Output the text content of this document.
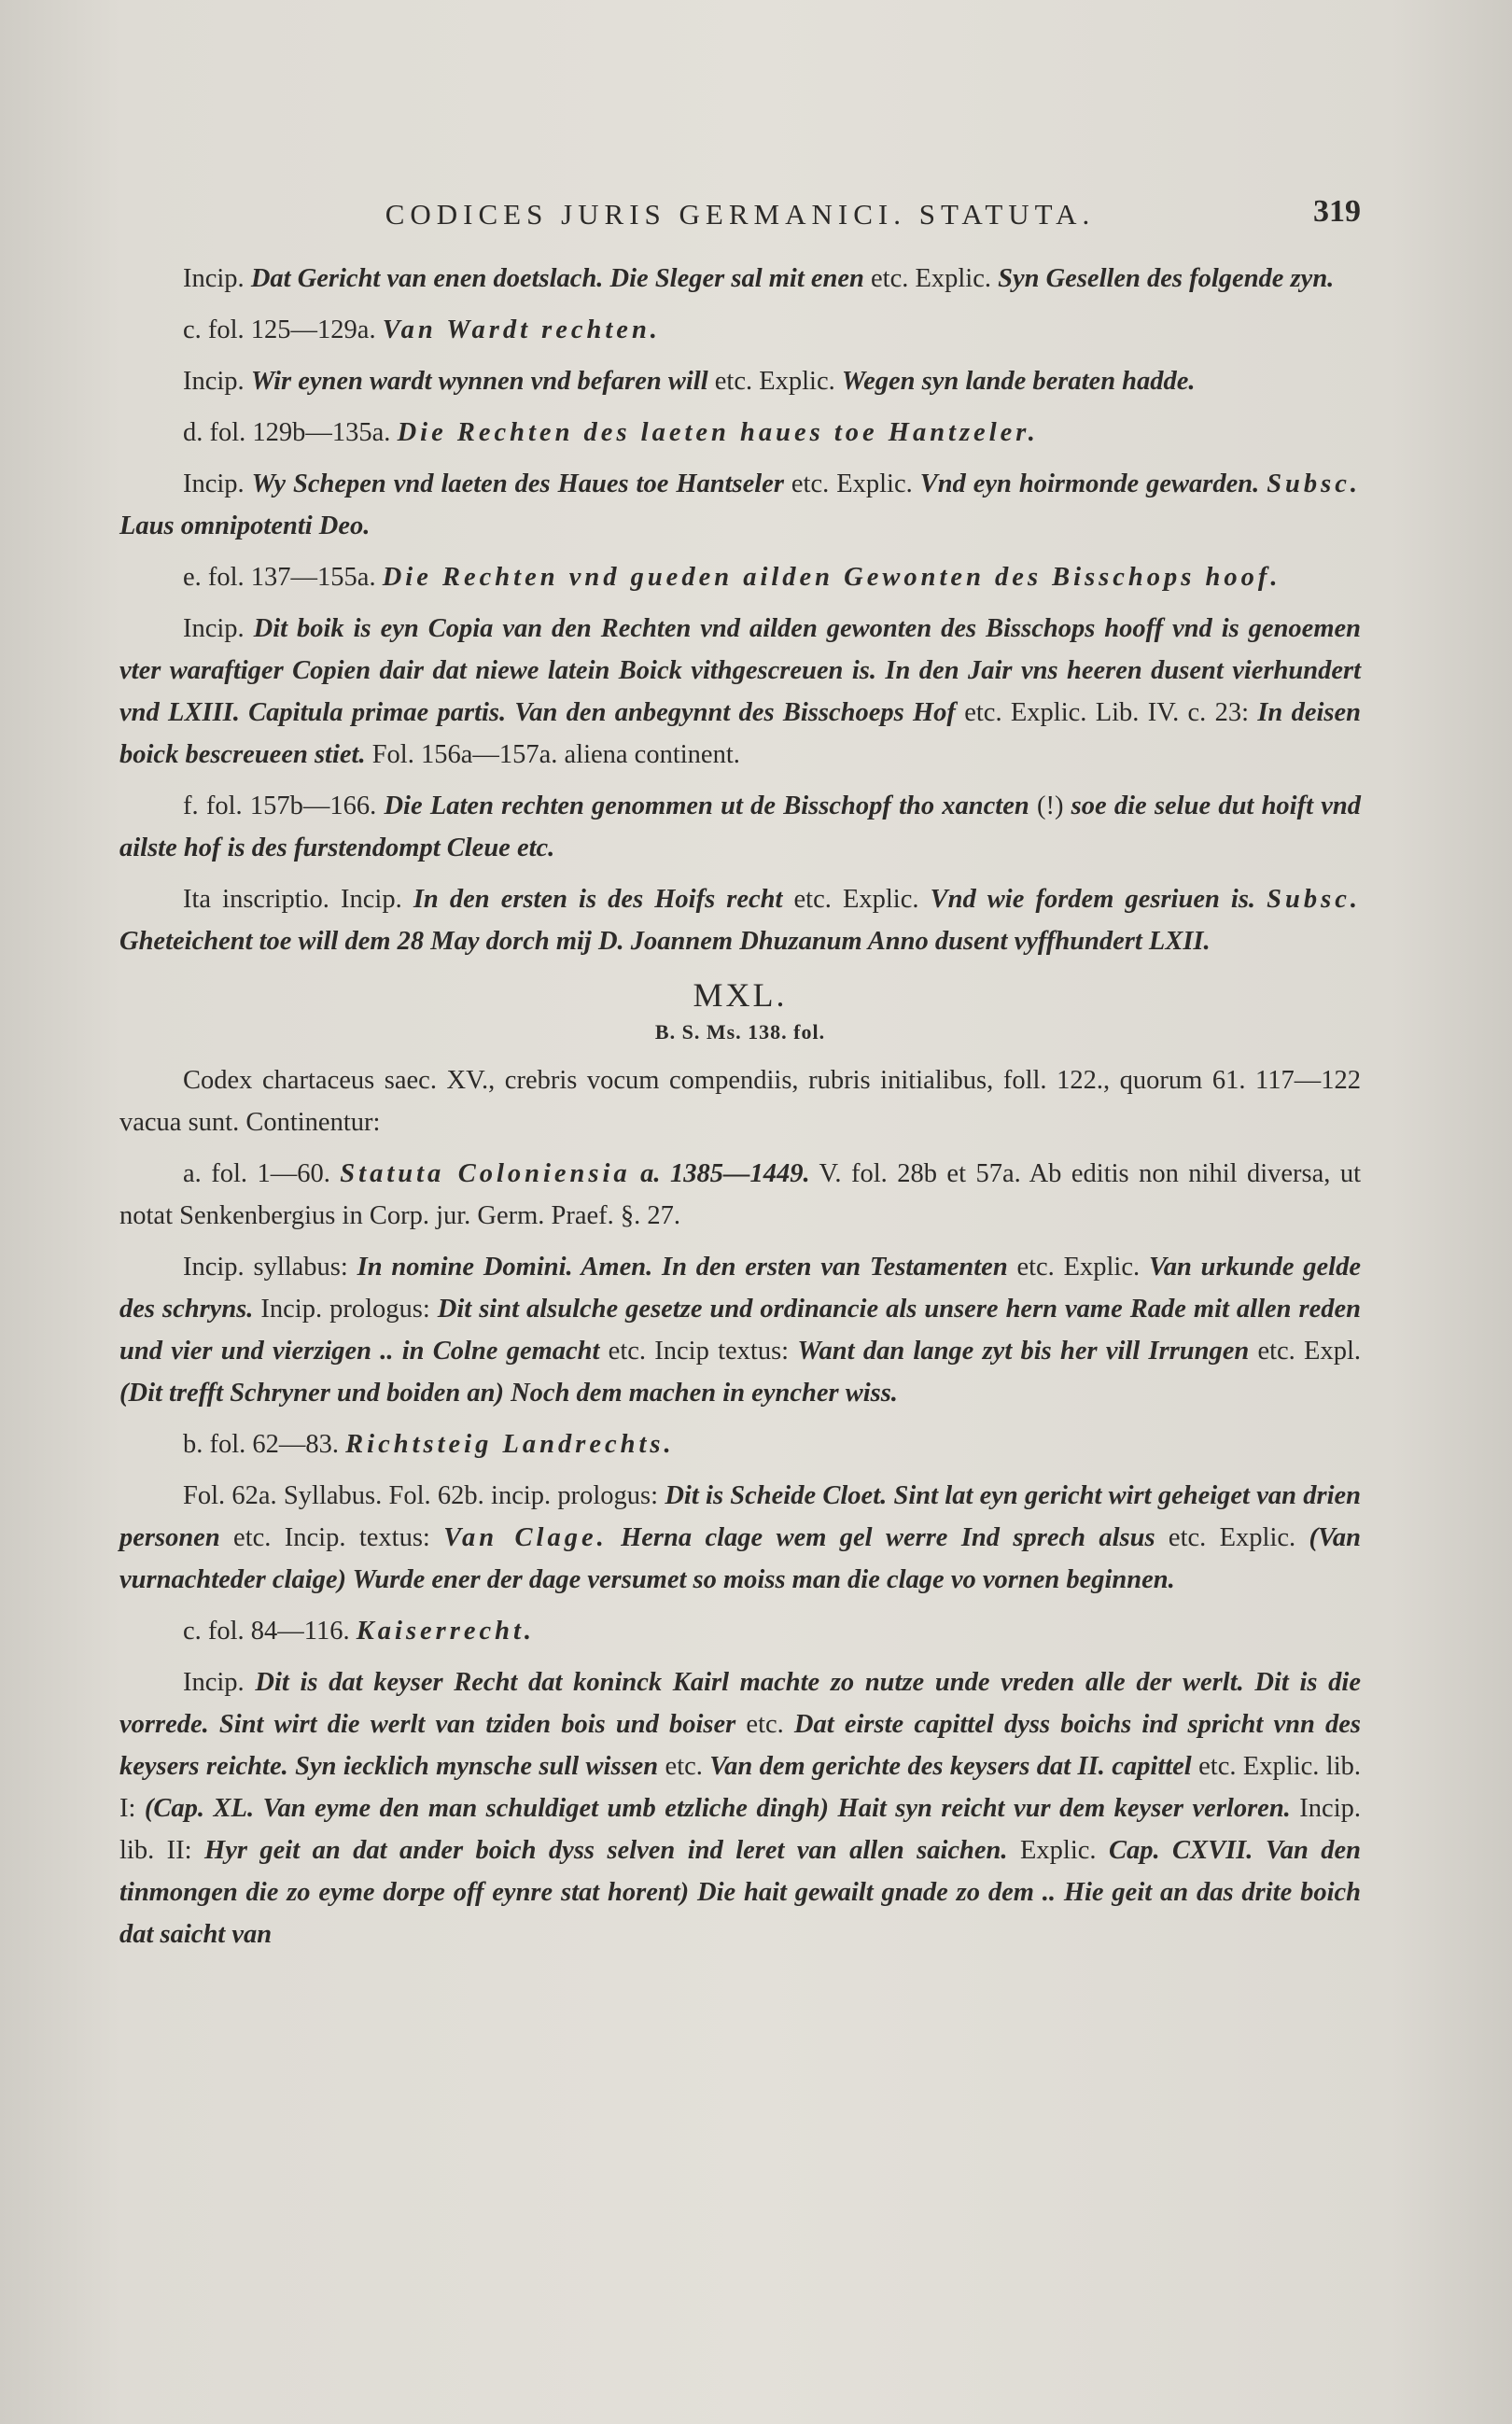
CODICES JURIS GERMANICI. STATUTA.	319

Incip. Dat Gericht van enen doetslach. Die Sleger sal mit enen etc. Explic. Syn Gesellen des folgende zyn.

c. fol. 125—129a. Van Wardt rechten.

Incip. Wir eynen wardt wynnen vnd befaren will etc. Explic. Wegen syn lande beraten hadde.

d. fol. 129b—135a. Die Rechten des laeten haues toe Hantzeler.

Incip. Wy Schepen vnd laeten des Haues toe Hantseler etc. Explic. Vnd eyn hoirmonde gewarden. Subsc. Laus omnipotenti Deo.

e. fol. 137—155a. Die Rechten vnd gueden ailden Gewonten des Bisschops hoof.

Incip. Dit boik is eyn Copia van den Rechten vnd ailden gewonten des Bisschops hooff vnd is genoemen vter waraftiger Copien dair dat niewe latein Boick vithgescreuen is. In den Jair vns heeren dusent vierhundert vnd LXIII. Capitula primae partis. Van den anbegynnt des Bisschoeps Hof etc. Explic. Lib. IV. c. 23: In deisen boick bescreueen stiet. Fol. 156a—157a. aliena continent.

f. fol. 157b—166. Die Laten rechten genommen ut de Bisschopf tho xancten (!) soe die selue dut hoift vnd ailste hof is des furstendompt Cleue etc.

Ita inscriptio. Incip. In den ersten is des Hoifs recht etc. Explic. Vnd wie fordem gesriuen is. Subsc. Gheteichent toe will dem 28 May dorch mij D. Joannem Dhuzanum Anno dusent vyffhundert LXII.

MXL.
B. S. Ms. 138. fol.

Codex chartaceus saec. XV., crebris vocum compendiis, rubris initialibus, foll. 122., quorum 61. 117—122 vacua sunt. Continentur:

a. fol. 1—60. Statuta Coloniensia a. 1385—1449. V. fol. 28b et 57a. Ab editis non nihil diversa, ut notat Senkenbergius in Corp. jur. Germ. Praef. §. 27.

Incip. syllabus: In nomine Domini. Amen. In den ersten van Testamenten etc. Explic. Van urkunde gelde des schryns. Incip. prologus: Dit sint alsulche gesetze und ordinancie als unsere hern vame Rade mit allen reden und vier und vierzigen .. in Colne gemacht etc. Incip textus: Want dan lange zyt bis her vill Irrungen etc. Expl. (Dit trefft Schryner und boiden an) Noch dem machen in eyncher wiss.

b. fol. 62—83. Richtsteig Landrechts.

Fol. 62a. Syllabus. Fol. 62b. incip. prologus: Dit is Scheide Cloet. Sint lat eyn gericht wirt geheiget van drien personen etc. Incip. textus: Van Clage. Herna clage wem gel werre Ind sprech alsus etc. Explic. (Van vurnachteder claige) Wurde ener der dage versumet so moiss man die clage vo vornen beginnen.

c. fol. 84—116. Kaiserrecht.

Incip. Dit is dat keyser Recht dat koninck Kairl machte zo nutze unde vreden alle der werlt. Dit is die vorrede. Sint wirt die werlt van tziden bois und boiser etc. Dat eirste capittel dyss boichs ind spricht vnn des keysers reichte. Syn iecklich mynsche sull wissen etc. Van dem gerichte des keysers dat II. capittel etc. Explic. lib. I: (Cap. XL. Van eyme den man schuldiget umb etzliche dingh) Hait syn reicht vur dem keyser verloren. Incip. lib. II: Hyr geit an dat ander boich dyss selven ind leret van allen saichen. Explic. Cap. CXVII. Van den tinmongen die zo eyme dorpe off eynre stat horent) Die hait gewailt gnade zo dem .. Hie geit an das drite boich dat saicht van
